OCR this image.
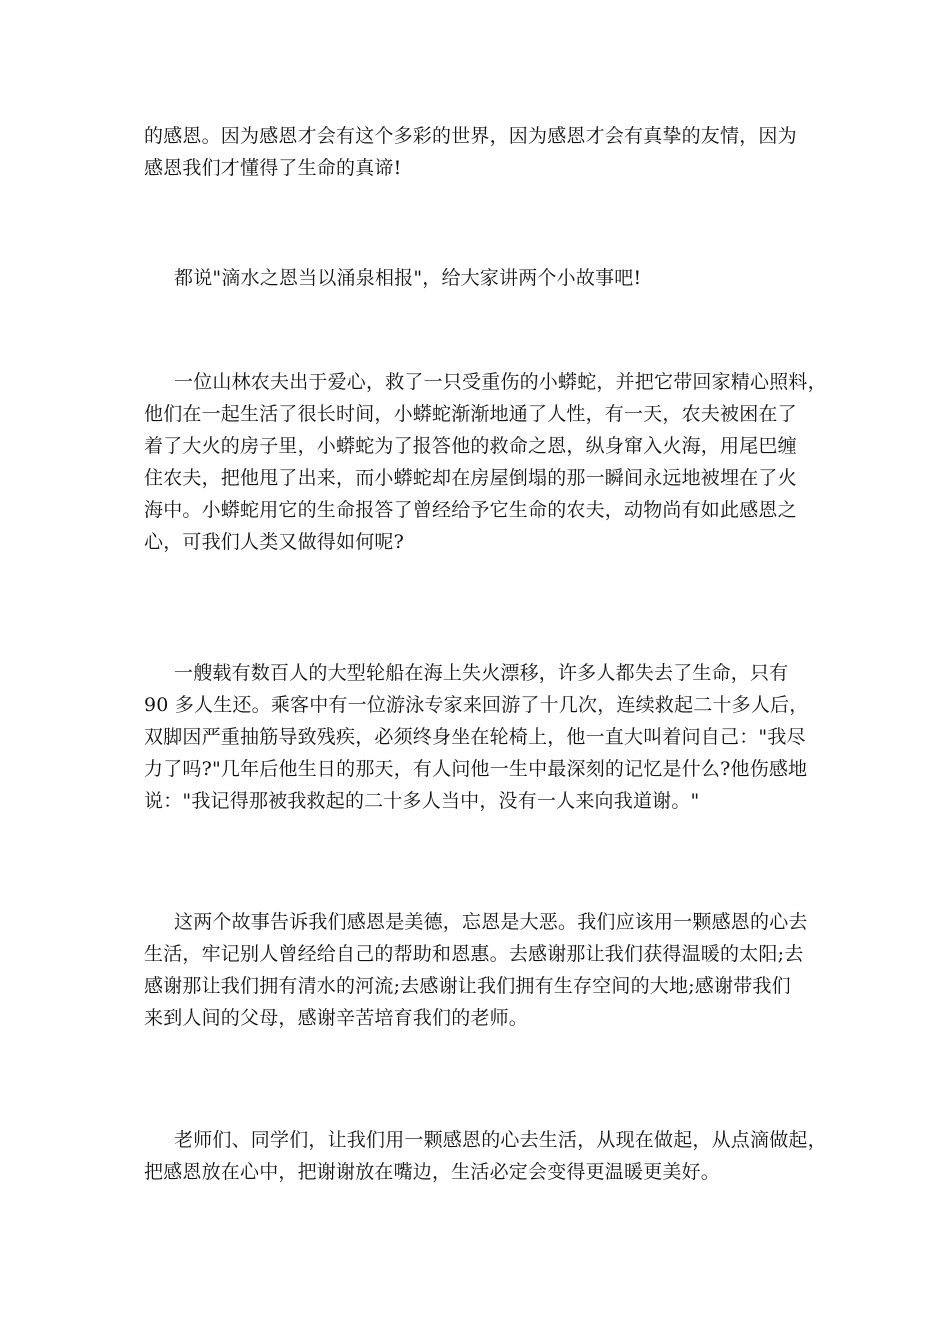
的感恩。因为感恩才会有这个多彩的世界，因为感恩才会有真挚的友情，因为
感恩我们才懂得了生命的真谛!
都说"滴水之恩当以涌泉相报"，给大家讲两个小故事吧!
一位山林农夫出于爱心，救了一只受重伤的小蟒蛇，并把它带回家精心照料，
他们在一起生活了很长时间，小蟒蛇渐渐地通了人性，有一天，农夫被困在了
着了大火的房子里，小蟒蛇为了报答他的救命之恩，纵身窜入火海，用尾巴缠
住农夫，把他甩了出来，而小蟒蛇却在房屋倒塌的那一瞬间永远地被埋在了火
海中。小蟒蛇用它的生命报答了曾经给予它生命的农夫，动物尚有如此感恩之
心，可我们人类又做得如何呢?
一艘载有数百人的大型轮船在海上失火漂移，许多人都失去了生命，只有
90 多人生还。乘客中有一位游泳专家来回游了十几次，连续救起二十多人后，
双脚因严重抽筋导致残疾，必须终身坐在轮椅上，他一直大叫着问自己："我尽
力了吗?"几年后他生日的那天，有人问他一生中最深刻的记忆是什么?他伤感地
说："我记得那被我救起的二十多人当中，没有一人来向我道谢。"
这两个故事告诉我们感恩是美德，忘恩是大恶。我们应该用一颗感恩的心去
生活，牢记别人曾经给自己的帮助和恩惠。去感谢那让我们获得温暖的太阳;去
感谢那让我们拥有清水的河流;去感谢让我们拥有生存空间的大地;感谢带我们
来到人间的父母，感谢辛苦培育我们的老师。
老师们、同学们，让我们用一颗感恩的心去生活，从现在做起，从点滴做起，
把感恩放在心中，把谢谢放在嘴边，生活必定会变得更温暖更美好。
